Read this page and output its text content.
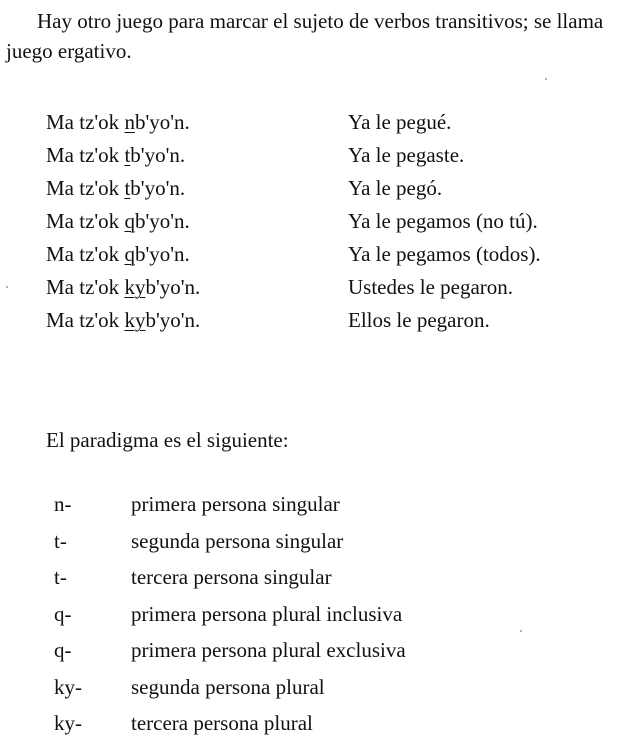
Hay otro juego para marcar el sujeto de verbos transitivos; se llama juego ergativo.

Ma tz'ok nb'yo'n.	Ya le pegué.
Ma tz'ok tb'yo'n.	Ya le pegaste.
Ma tz'ok tb'yo'n.	Ya le pegó.
Ma tz'ok qb'yo'n.	Ya le pegamos (no tú).
Ma tz'ok qb'yo'n.	Ya le pegamos (todos).
Ma tz'ok kyb'yo'n.	Ustedes le pegaron.
Ma tz'ok kyb'yo'n.	Ellos le pegaron.

El paradigma es el siguiente:

n-	primera persona singular
t-	segunda persona singular
t-	tercera persona singular
q-	primera persona plural inclusiva
q-	primera persona plural exclusiva
ky- segunda persona plural
ky- tercera persona plural
